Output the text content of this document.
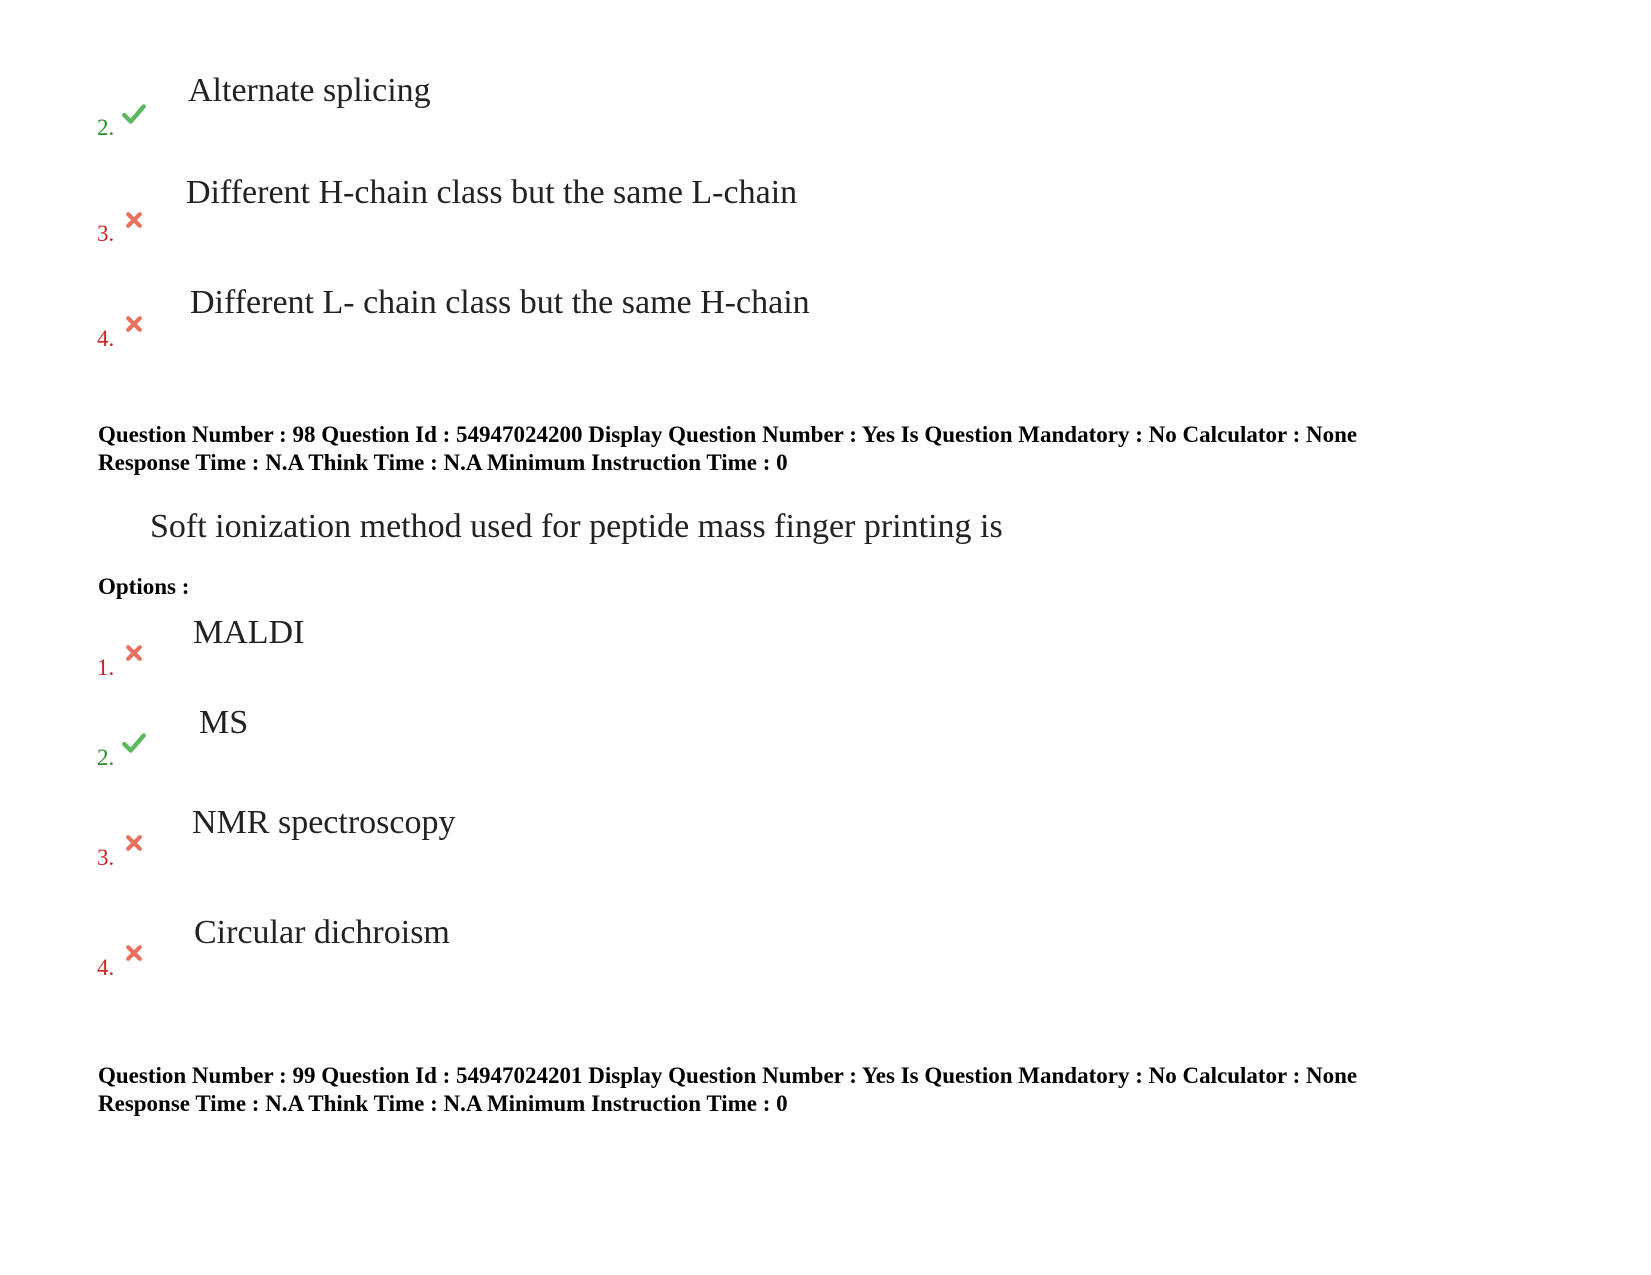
2.
Alternate splicing
3.
Different H-chain class but the same L-chain
4.
Different L- chain class but the same H-chain
Question Number : 98 Question Id : 54947024200 Display Question Number : Yes Is Question Mandatory : No Calculator : None
Response Time : N.A Think Time : N.A Minimum Instruction Time : 0
Soft ionization method used for peptide mass finger printing is
Options :
1.
MALDI
2.
MS
3.
NMR spectroscopy
4.
Circular dichroism
Question Number : 99 Question Id : 54947024201 Display Question Number : Yes Is Question Mandatory : No Calculator : None
Response Time : N.A Think Time : N.A Minimum Instruction Time : 0
